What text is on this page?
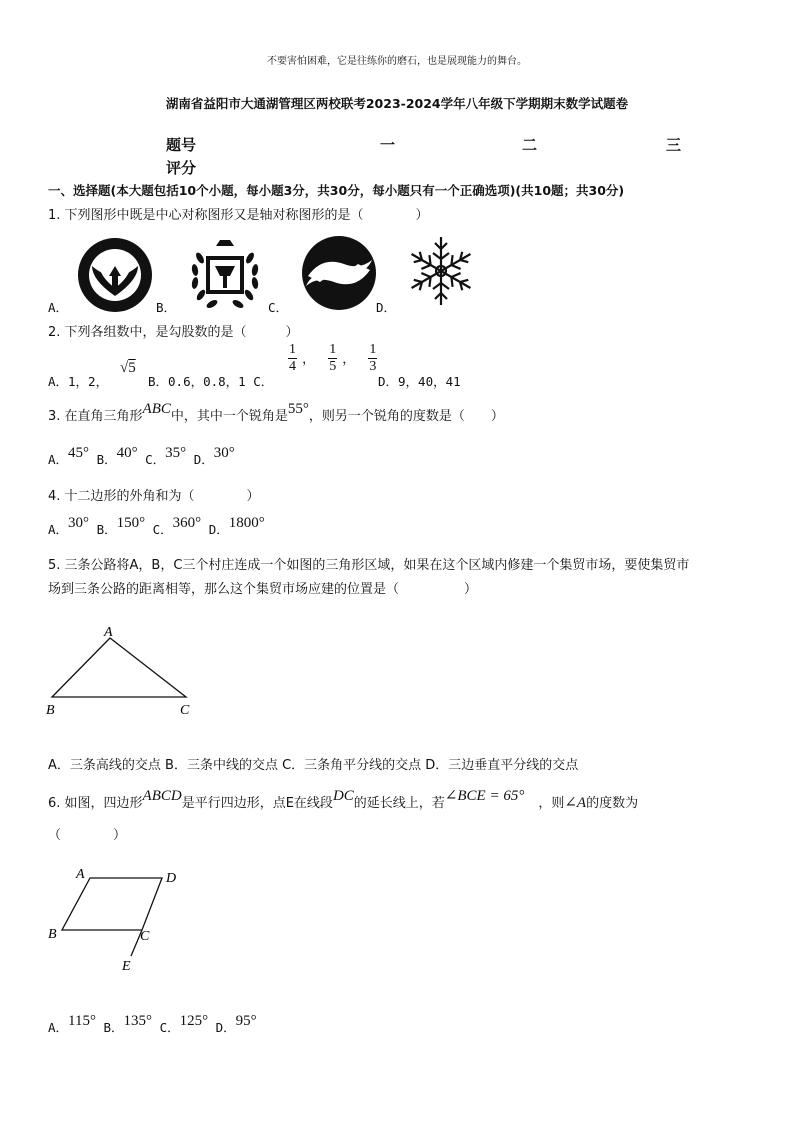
不要害怕困难，它是往练你的磨石，也是展现能力的舞台。
湖南省益阳市大通湖管理区两校联考2023-2024学年八年级下学期期末数学试题卷
题号	一	二	三
评分
一、选择题(本大题包括10个小题，每小题3分，共30分，每小题只有一个正确选项)(共10题；共30分)
1. 下列图形中既是中心对称图形又是轴对称图形的是（　　　　）
A．	B．	C．	D．
2. 下列各组数中，是勾股数的是（　　　）
A．1，2，
√5
B．0.6，0.8，1 C．
$\frac{1}{4}$ ， $\frac{1}{5}$ ， $\frac{1}{3}$
D．9，40，41
3. 在直角三角形ABC中，其中一个锐角是55°，则另一个锐角的度数是（　　）
A．45° B．40° C．35° D．30°
4. 十二边形的外角和为（　　　　）
A．30° B．150° C．360° D．1800°
5. 三条公路将A，B，C三个村庄连成一个如图的三角形区域，如果在这个区域内修建一个集贸市场，要使集贸市
场到三条公路的距离相等，那么这个集贸市场应建的位置是（　　　　　）
A
B	C
A．三条高线的交点 B．三条中线的交点 C．三条角平分线的交点 D．三边垂直平分线的交点
6. 如图，四边形ABCD是平行四边形，点E在线段DC的延长线上，若∠BCE = 65° ，则∠A的度数为
（　　　　）
A	D
B	C
E
A．115° B．135° C．125° D．95°
